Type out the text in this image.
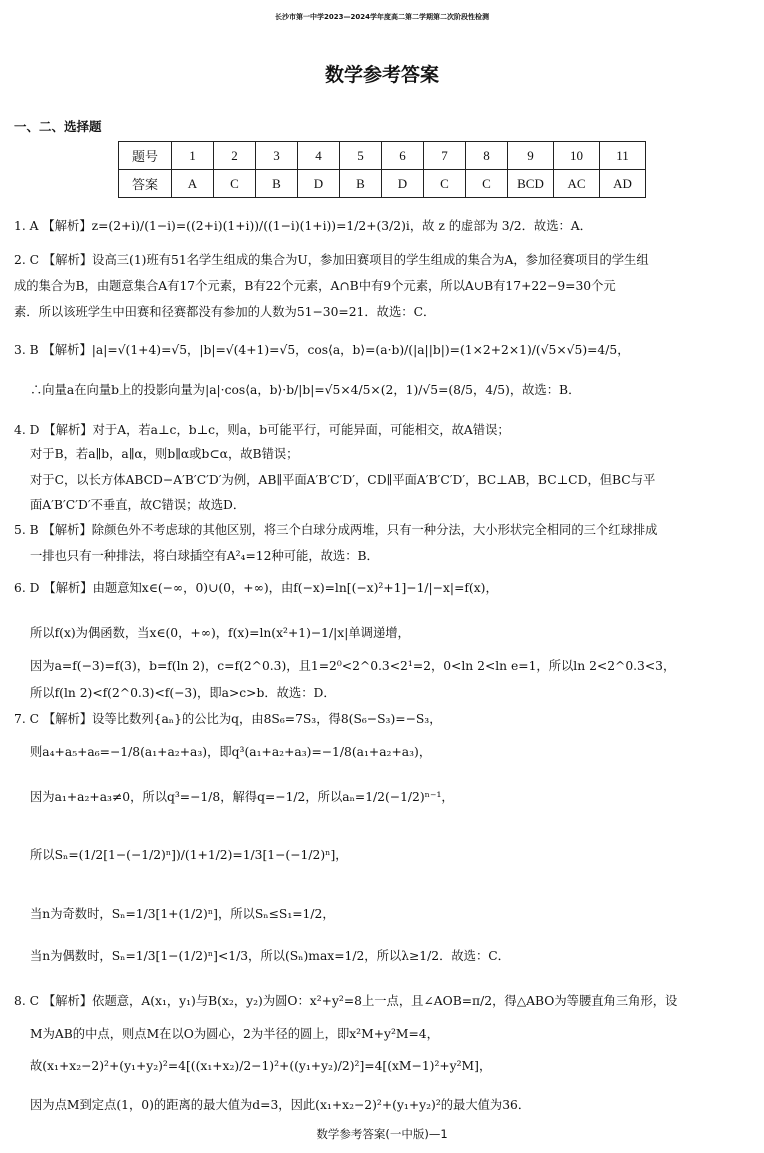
长沙市第一中学2023—2024学年度高二第二学期第二次阶段性检测
数学参考答案
一、二、选择题
题号	1	2	3	4	5	6	7	8	9	10	11
答案	A	C	B	D	B	D	C	C	BCD	AC	AD
1. A 【解析】z=(2+i)/(1−i)=((2+i)(1+i))/((1−i)(1+i))=1/2+(3/2)i，故 z 的虚部为 3/2．故选：A．
2. C 【解析】设高三(1)班有51名学生组成的集合为U，参加田赛项目的学生组成的集合为A，参加径赛项目的学生组
成的集合为B，由题意集合A有17个元素，B有22个元素，A∩B中有9个元素，所以A∪B有17+22−9=30个元
素．所以该班学生中田赛和径赛都没有参加的人数为51−30=21．故选：C．
3. B 【解析】|a|=√(1+4)=√5，|b|=√(4+1)=√5，cos⟨a，b⟩=(a·b)/(|a||b|)=(1×2+2×1)/(√5×√5)=4/5，
∴向量a在向量b上的投影向量为|a|·cos⟨a，b⟩·b/|b|=√5×4/5×(2，1)/√5=(8/5，4/5)，故选：B．
4. D 【解析】对于A，若a⊥c，b⊥c，则a，b可能平行，可能异面，可能相交，故A错误；
对于B，若a∥b，a∥α，则b∥α或b⊂α，故B错误；
对于C，以长方体ABCD−A′B′C′D′为例，AB∥平面A′B′C′D′，CD∥平面A′B′C′D′，BC⊥AB，BC⊥CD，但BC与平
面A′B′C′D′不垂直，故C错误；故选D．
5. B 【解析】除颜色外不考虑球的其他区别，将三个白球分成两堆，只有一种分法，大小形状完全相同的三个红球排成
一排也只有一种排法，将白球插空有A²₄=12种可能，故选：B．
6. D 【解析】由题意知x∈(−∞，0)∪(0，+∞)，由f(−x)=ln[(−x)²+1]−1/|−x|=f(x)，
所以f(x)为偶函数，当x∈(0，+∞)，f(x)=ln(x²+1)−1/|x|单调递增，
因为a=f(−3)=f(3)，b=f(ln 2)，c=f(2^0.3)，且1=2⁰<2^0.3<2¹=2，0<ln 2<ln e=1，所以ln 2<2^0.3<3，
所以f(ln 2)<f(2^0.3)<f(−3)，即a>c>b．故选：D．
7. C 【解析】设等比数列{aₙ}的公比为q，由8S₆=7S₃，得8(S₆−S₃)=−S₃，
则a₄+a₅+a₆=−1/8(a₁+a₂+a₃)，即q³(a₁+a₂+a₃)=−1/8(a₁+a₂+a₃)，
因为a₁+a₂+a₃≠0，所以q³=−1/8，解得q=−1/2，所以aₙ=1/2(−1/2)ⁿ⁻¹，
所以Sₙ=(1/2[1−(−1/2)ⁿ])/(1+1/2)=1/3[1−(−1/2)ⁿ]，
当n为奇数时，Sₙ=1/3[1+(1/2)ⁿ]，所以Sₙ≤S₁=1/2，
当n为偶数时，Sₙ=1/3[1−(1/2)ⁿ]<1/3，所以(Sₙ)max=1/2，所以λ≥1/2．故选：C．
8. C 【解析】依题意，A(x₁，y₁)与B(x₂，y₂)为圆O：x²+y²=8上一点，且∠AOB=π/2，得△ABO为等腰直角三角形，设
M为AB的中点，则点M在以O为圆心，2为半径的圆上，即x²M+y²M=4，
故(x₁+x₂−2)²+(y₁+y₂)²=4[((x₁+x₂)/2−1)²+((y₁+y₂)/2)²]=4[(xM−1)²+y²M]，
因为点M到定点(1，0)的距离的最大值为d=3，因此(x₁+x₂−2)²+(y₁+y₂)²的最大值为36．
数学参考答案(一中版)—1
